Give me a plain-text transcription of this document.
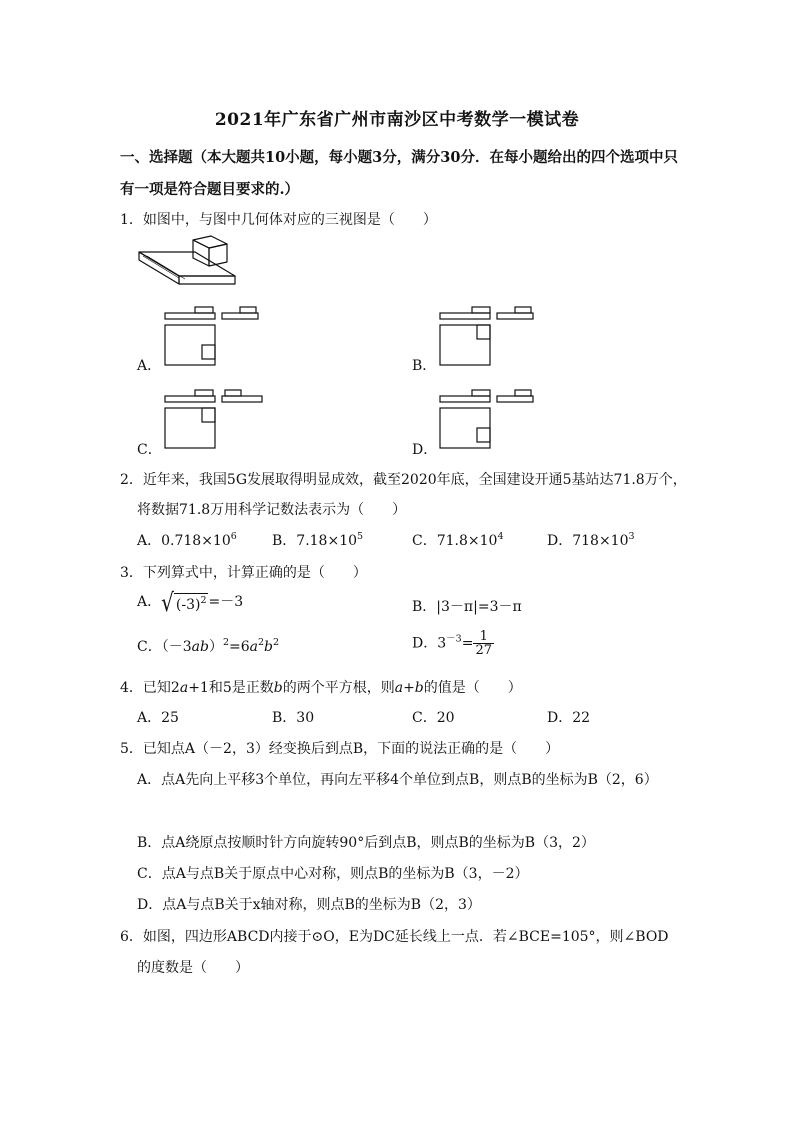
2021年广东省广州市南沙区中考数学一模试卷
一、选择题（本大题共10小题，每小题3分，满分30分．在每小题给出的四个选项中只
有一项是符合题目要求的.）
1．如图中，与图中几何体对应的三视图是（　　）
A．	B．
C．	D．
2．近年来，我国5G发展取得明显成效，截至2020年底，全国建设开通5基站达71.8万个，
将数据71.8万用科学记数法表示为（　　）
A．$0.718\times 10^6$	B．$7.18\times 10^5$	C．$71.8\times 10^4$	D．$718\times 10^3$
3．下列算式中，计算正确的是（　　）
A．√ $(-3)^2 =-3$	B．|3－π|=3－π
C．$(-3ab)^2=6a^2b^2$	D．$3^{-3}= \frac{1}{27}$
4．已知2a+1和5是正数b的两个平方根，则a+b的值是（　　）
A．25	B．30	C．20	D．22
5．已知点A（－2，3）经变换后到点B，下面的说法正确的是（　　）
A．点A先向上平移3个单位，再向左平移4个单位到点B，则点B的坐标为B（2，6）
B．点A绕原点按顺时针方向旋转90°后到点B，则点B的坐标为B（3，2）
C．点A与点B关于原点中心对称，则点B的坐标为B（3，－2）
D．点A与点B关于x轴对称，则点B的坐标为B（2，3）
6．如图，四边形ABCD内接于⊙O，E为DC延长线上一点．若∠BCE=105°，则∠BOD
的度数是（　　）
